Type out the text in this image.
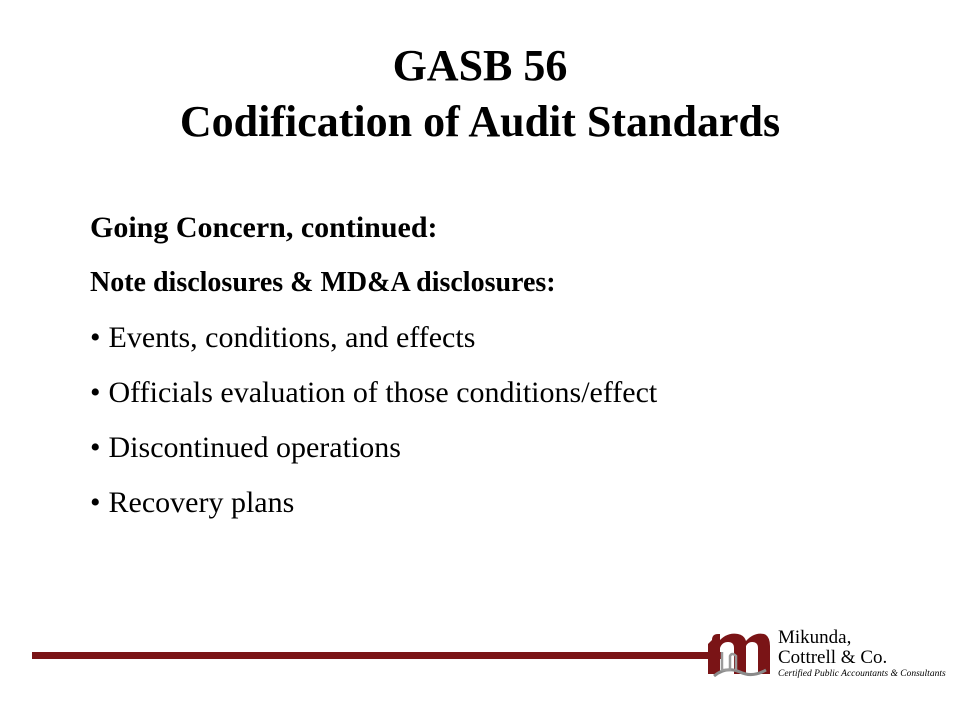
GASB 56
Codification of Audit Standards
Going Concern, continued:
Note disclosures & MD&A disclosures:
• Events, conditions, and effects
• Officials evaluation of those conditions/effect
• Discontinued operations
• Recovery plans
Mikunda,
Cottrell & Co.
Certified Public Accountants & Consultants
